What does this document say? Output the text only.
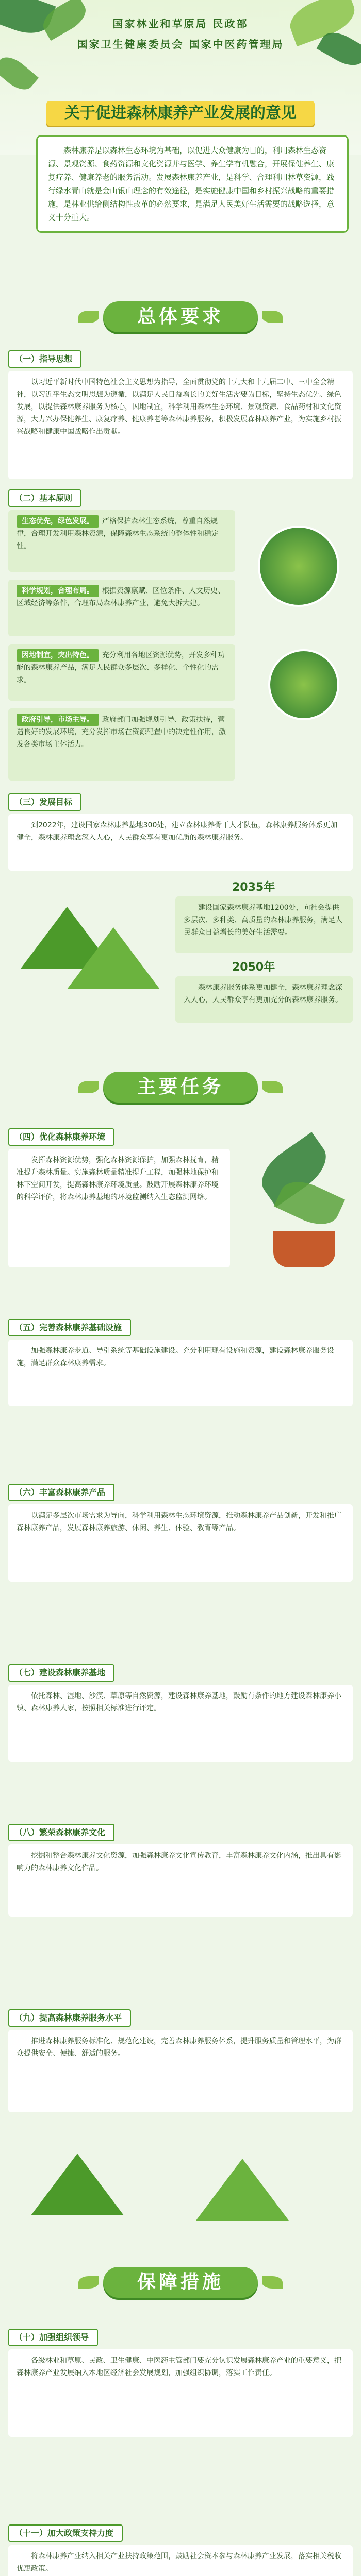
国家林业和草原局 民政部
国家卫生健康委员会 国家中医药管理局
关于促进森林康养产业发展的意见
森林康养是以森林生态环境为基础，以促进大众健康为目的，利用森林生态资源、景观资源、食药资源和文化资源并与医学、养生学有机融合，开展保健养生、康复疗养、健康养老的服务活动。发展森林康养产业，是科学、合理利用林草资源，践行绿水青山就是金山银山理念的有效途径，是实施健康中国和乡村振兴战略的重要措施，是林业供给侧结构性改革的必然要求，是满足人民美好生活需要的战略选择，意义十分重大。
总体要求
（一）指导思想

以习近平新时代中国特色社会主义思想为指导，全面贯彻党的十九大和十九届二中、三中全会精神，以习近平生态文明思想为遵循，以满足人民日益增长的美好生活需要为目标，坚持生态优先、绿色发展，以提供森林康养服务为核心，因地制宜，科学利用森林生态环境、景观资源、食品药材和文化资源，大力兴办保健养生、康复疗养、健康养老等森林康养服务，积极发展森林康养产业，为实施乡村振兴战略和健康中国战略作出贡献。

（二）基本原则
生态优先，绿色发展。 严格保护森林生态系统，尊重自然规律，合理开发利用森林资源，保障森林生态系统的整体性和稳定性。
科学规划，合理布局。 根据资源禀赋、区位条件、人文历史、区域经济等条件，合理布局森林康养产业，避免大拆大建。
因地制宜，突出特色。 充分利用各地区资源优势，开发多种功能的森林康养产品，满足人民群众多层次、多样化、个性化的需求。
政府引导，市场主导。 政府部门加强规划引导、政策扶持，营造良好的发展环境，充分发挥市场在资源配置中的决定性作用，激发各类市场主体活力。
（三）发展目标

到2022年，建设国家森林康养基地300处，建立森林康养骨干人才队伍，森林康养服务体系更加健全，森林康养理念深入人心，人民群众享有更加优质的森林康养服务。

2035年

建设国家森林康养基地1200处，向社会提供多层次、多种类、高质量的森林康养服务，满足人民群众日益增长的美好生活需要。

2050年

森林康养服务体系更加健全，森林康养理念深入人心，人民群众享有更加充分的森林康养服务。

主要任务
（四）优化森林康养环境

发挥森林资源优势，强化森林资源保护，加强森林抚育，精准提升森林质量。实施森林质量精准提升工程，加强林地保护和林下空间开发，提高森林康养环境质量。鼓励开展森林康养环境的科学评价，将森林康养基地的环境监测纳入生态监测网络。

（五）完善森林康养基础设施

加强森林康养步道、导引系统等基础设施建设。充分利用现有设施和资源，建设森林康养服务设施，满足群众森林康养需求。

（六）丰富森林康养产品

以满足多层次市场需求为导向，科学利用森林生态环境资源，推动森林康养产品创新，开发和推广森林康养产品，发展森林康养旅游、休闲、养生、体验、教育等产品。

（七）建设森林康养基地

依托森林、湿地、沙漠、草原等自然资源，建设森林康养基地，鼓励有条件的地方建设森林康养小镇、森林康养人家，按照相关标准进行评定。

（八）繁荣森林康养文化

挖掘和整合森林康养文化资源，加强森林康养文化宣传教育，丰富森林康养文化内涵，推出具有影响力的森林康养文化作品。

（九）提高森林康养服务水平

推进森林康养服务标准化、规范化建设，完善森林康养服务体系，提升服务质量和管理水平，为群众提供安全、便捷、舒适的服务。

保障措施
（十）加强组织领导

各级林业和草原、民政、卫生健康、中医药主管部门要充分认识发展森林康养产业的重要意义，把森林康养产业发展纳入本地区经济社会发展规划，加强组织协调，落实工作责任。

（十一）加大政策支持力度

将森林康养产业纳入相关产业扶持政策范围，鼓励社会资本参与森林康养产业发展，落实相关税收优惠政策。
